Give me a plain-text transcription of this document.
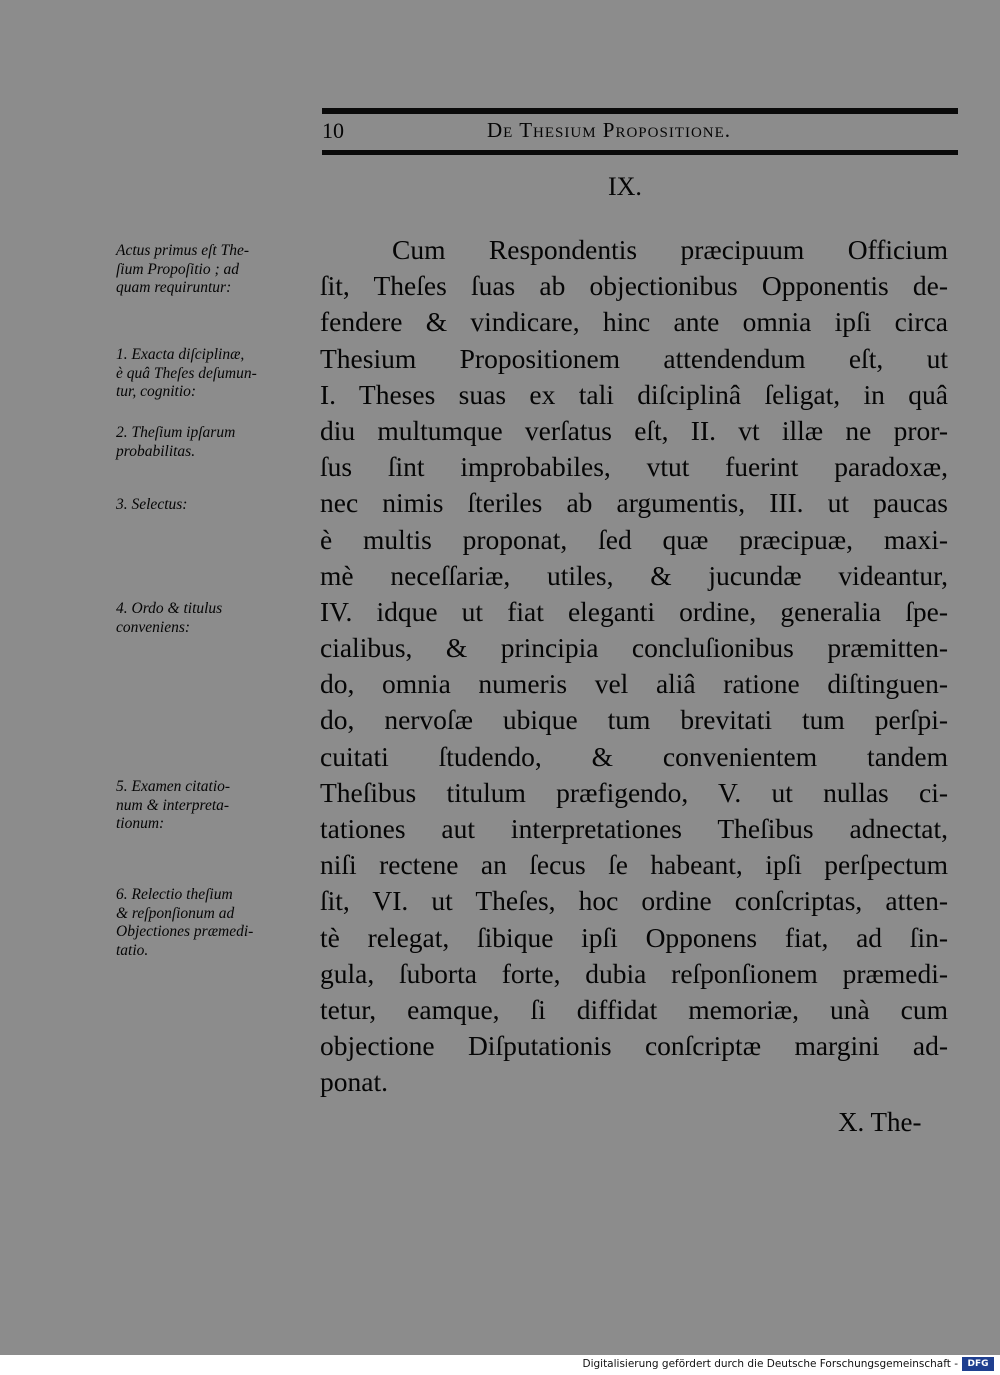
10	De Thesium Propositione.
IX.
Cum Respondentis præcipuum Officium
ſit, Theſes ſuas ab objectionibus Opponentis de-
fendere & vindicare, hinc ante omnia ipſi circa
Thesium Propositionem attendendum eſt, ut
I. Theses suas ex tali diſciplinâ ſeligat, in quâ
diu multumque verſatus eſt, II. vt illæ ne pror-
ſus ſint improbabiles, vtut fuerint paradoxæ,
nec nimis ſteriles ab argumentis, III. ut paucas
è multis proponat, ſed quæ præcipuæ, maxi-
mè neceſſariæ, utiles, & jucundæ videantur,
IV. idque ut fiat eleganti ordine, generalia ſpe-
cialibus, & principia concluſionibus præmitten-
do, omnia numeris vel aliâ ratione diſtinguen-
do, nervoſæ ubique tum brevitati tum perſpi-
cuitati ſtudendo, & convenientem tandem
Theſibus titulum præfigendo, V. ut nullas ci-
tationes aut interpretationes Theſibus adnectat,
niſi rectene an ſecus ſe habeant, ipſi perſpectum
ſit, VI. ut Theſes, hoc ordine conſcriptas, atten-
tè relegat, ſibique ipſi Opponens fiat, ad ſin-
gula, ſuborta forte, dubia reſponſionem præmedi-
tetur, eamque, ſi diffidat memoriæ, unà cum
objectione Diſputationis conſcriptæ margini ad-
ponat.
X. The-
Actus primus eſt The-
ſium Propoſitio ; ad
quam requiruntur:
1. Exacta diſciplinæ,
è quâ Theſes deſumun-
tur, cognitio:
2. Theſium ipſarum
probabilitas.
3. Selectus:
4. Ordo & titulus
conveniens:
5. Examen citatio-
num & interpreta-
tionum:
6. Relectio theſium
& reſponſionum ad
Objectiones præmedi-
tatio.
Digitalisierung gefördert durch die Deutsche Forschungsgemeinschaft -	DFG
